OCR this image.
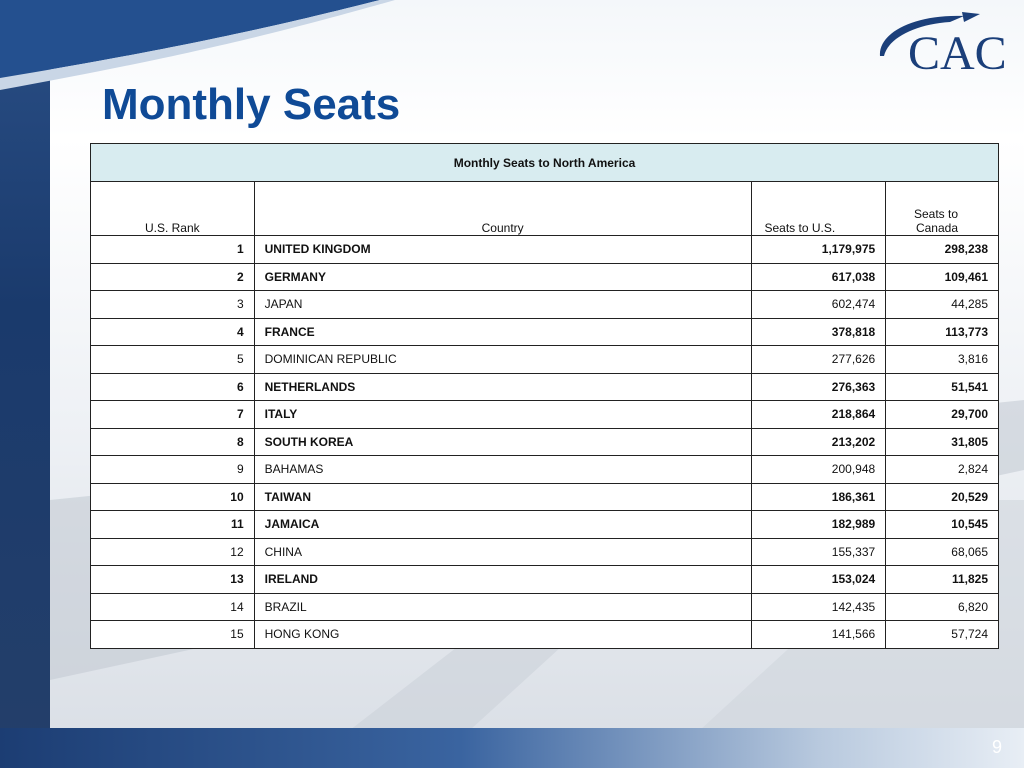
CAC
Monthly Seats
Monthly Seats to North America			
U.S. Rank	Country	Seats to U.S.	Seats to Canada
1	UNITED KINGDOM	1,179,975	298,238
2	GERMANY	617,038	109,461
3	JAPAN	602,474	44,285
4	FRANCE	378,818	113,773
5	DOMINICAN REPUBLIC	277,626	3,816
6	NETHERLANDS	276,363	51,541
7	ITALY	218,864	29,700
8	SOUTH KOREA	213,202	31,805
9	BAHAMAS	200,948	2,824
10	TAIWAN	186,361	20,529
11	JAMAICA	182,989	10,545
12	CHINA	155,337	68,065
13	IRELAND	153,024	11,825
14	BRAZIL	142,435	6,820
15	HONG KONG	141,566	57,724
9
